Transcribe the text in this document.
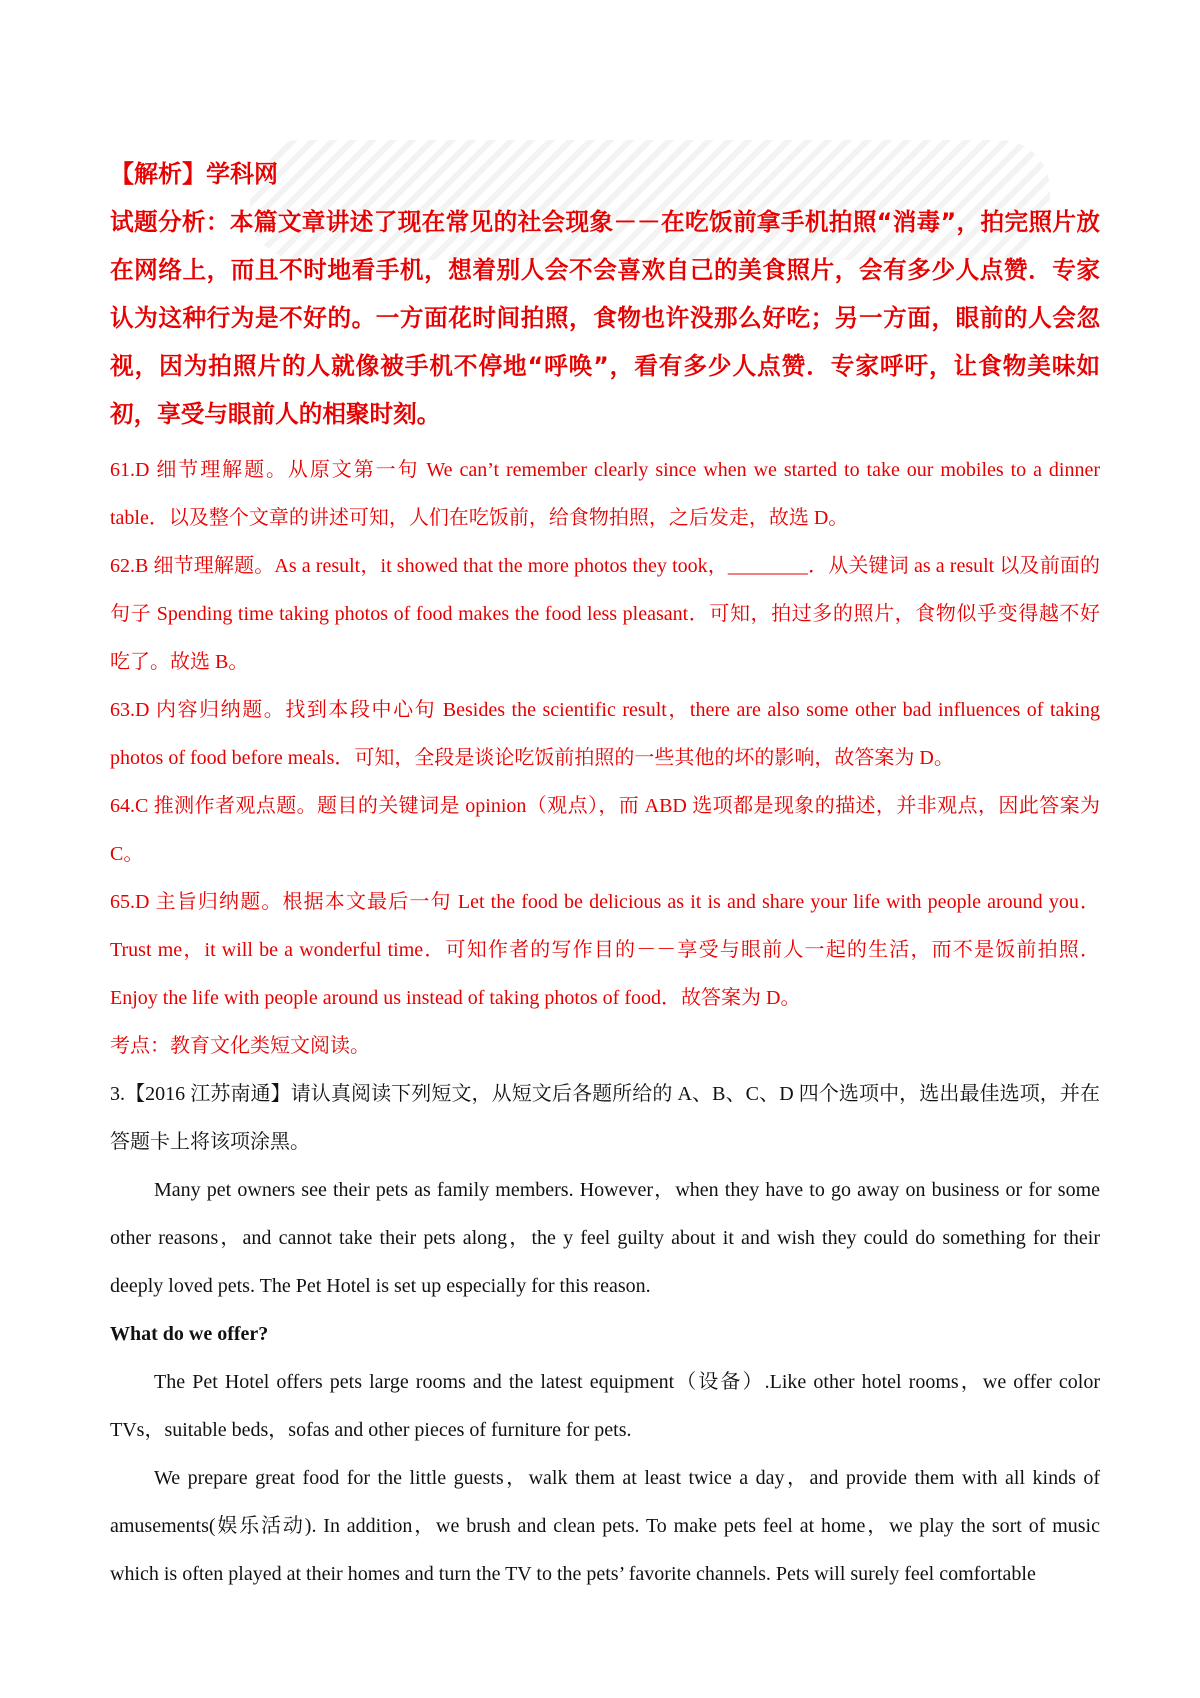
【解析】学科网

试题分析：本篇文章讲述了现在常见的社会现象－－在吃饭前拿手机拍照“消毒”，拍完照片放在网络上，而且不时地看手机，想着别人会不会喜欢自己的美食照片，会有多少人点赞．专家认为这种行为是不好的。一方面花时间拍照，食物也许没那么好吃；另一方面，眼前的人会忽视，因为拍照片的人就像被手机不停地“呼唤”，看有多少人点赞．专家呼吁，让食物美味如初，享受与眼前人的相聚时刻。

61.D 细节理解题。从原文第一句 We can’t remember clearly since when we started to take our mobiles to a dinner table．以及整个文章的讲述可知，人们在吃饭前，给食物拍照，之后发走，故选 D。

62.B 细节理解题。As a result，it showed that the more photos they took，________．从关键词 as a result 以及前面的句子 Spending time taking photos of food makes the food less pleasant．可知，拍过多的照片，食物似乎变得越不好吃了。故选 B。

63.D 内容归纳题。找到本段中心句 Besides the scientific result，there are also some other bad influences of taking photos of food before meals．可知，全段是谈论吃饭前拍照的一些其他的坏的影响，故答案为 D。

64.C 推测作者观点题。题目的关键词是 opinion（观点），而 ABD 选项都是现象的描述，并非观点，因此答案为 C。

65.D 主旨归纳题。根据本文最后一句 Let the food be delicious as it is and share your life with people around you．Trust me，it will be a wonderful time．可知作者的写作目的－－享受与眼前人一起的生活，而不是饭前拍照．Enjoy the life with people around us instead of taking photos of food．故答案为 D。

考点：教育文化类短文阅读。

3.【2016 江苏南通】请认真阅读下列短文，从短文后各题所给的 A、B、C、D 四个选项中，选出最佳选项，并在答题卡上将该项涂黑。

Many pet owners see their pets as family members. However，when they have to go away on business or for some other reasons，and cannot take their pets along，the y feel guilty about it and wish they could do something for their deeply loved pets. The Pet Hotel is set up especially for this reason.

What do we offer?

The Pet Hotel offers pets large rooms and the latest equipment（设备）.Like other hotel rooms，we offer color TVs，suitable beds，sofas and other pieces of furniture for pets.

We prepare great food for the little guests，walk them at least twice a day，and provide them with all kinds of amusements(娱乐活动). In addition，we brush and clean pets. To make pets feel at home，we play the sort of music which is often played at their homes and turn the TV to the pets’ favorite channels. Pets will surely feel comfortable
